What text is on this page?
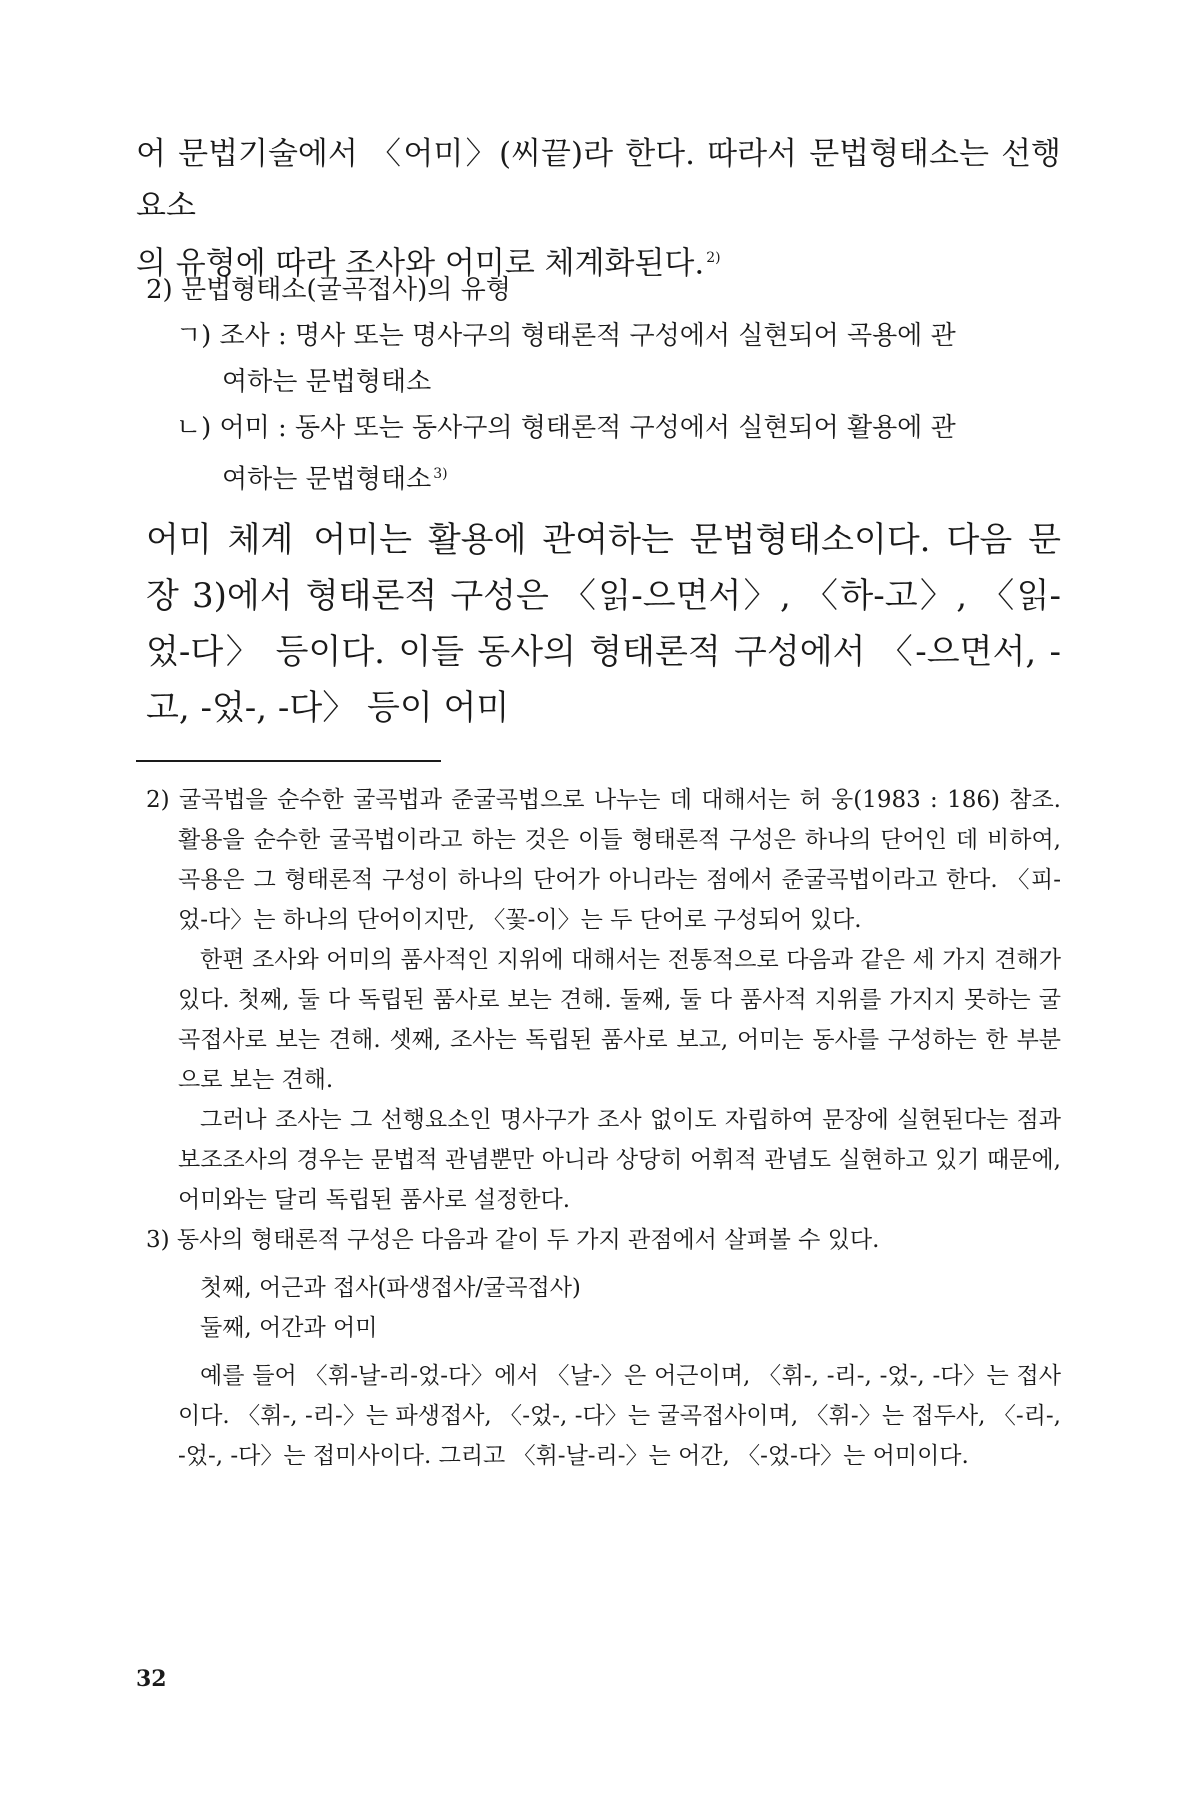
어 문법기술에서 〈어미〉(씨끝)라 한다. 따라서 문법형태소는 선행요소

의 유형에 따라 조사와 어미로 체계화된다. $^{2)}$

2) 문법형태소(굴곡접사)의 유형

ㄱ) 조사 : 명사 또는 명사구의 형태론적 구성에서 실현되어 곡용에 관
여하는 문법형태소

ㄴ) 어미 : 동사 또는 동사구의 형태론적 구성에서 실현되어 활용에 관
여하는 문법형태소 $^{3)}$

어미 체계 어미는 활용에 관여하는 문법형태소이다. 다음 문장 3)에서 형태론적 구성은 〈읽-으면서〉, 〈하-고〉, 〈읽-었-다〉 등이다. 이들 동사의 형태론적 구성에서 〈-으면서, -고, -었-, -다〉 등이 어미

2) 굴곡법을 순수한 굴곡법과 준굴곡법으로 나누는 데 대해서는 허 웅(1983 : 186) 참조. 활용을 순수한 굴곡법이라고 하는 것은 이들 형태론적 구성은 하나의 단어인 데 비하여, 곡용은 그 형태론적 구성이 하나의 단어가 아니라는 점에서 준굴곡법이라고 한다. 〈피-었-다〉는 하나의 단어이지만, 〈꽃-이〉는 두 단어로 구성되어 있다.

한편 조사와 어미의 품사적인 지위에 대해서는 전통적으로 다음과 같은 세 가지 견해가 있다. 첫째, 둘 다 독립된 품사로 보는 견해. 둘째, 둘 다 품사적 지위를 가지지 못하는 굴곡접사로 보는 견해. 셋째, 조사는 독립된 품사로 보고, 어미는 동사를 구성하는 한 부분으로 보는 견해.

그러나 조사는 그 선행요소인 명사구가 조사 없이도 자립하여 문장에 실현된다는 점과 보조조사의 경우는 문법적 관념뿐만 아니라 상당히 어휘적 관념도 실현하고 있기 때문에, 어미와는 달리 독립된 품사로 설정한다.

3) 동사의 형태론적 구성은 다음과 같이 두 가지 관점에서 살펴볼 수 있다.

첫째, 어근과 접사(파생접사/굴곡접사)

둘째, 어간과 어미

예를 들어 〈휘-날-리-었-다〉에서 〈날-〉은 어근이며, 〈휘-, -리-, -었-, -다〉는 접사이다. 〈휘-, -리-〉는 파생접사, 〈-었-, -다〉는 굴곡접사이며, 〈휘-〉는 접두사, 〈-리-, -었-, -다〉는 접미사이다. 그리고 〈휘-날-리-〉는 어간, 〈-었-다〉는 어미이다.

32
